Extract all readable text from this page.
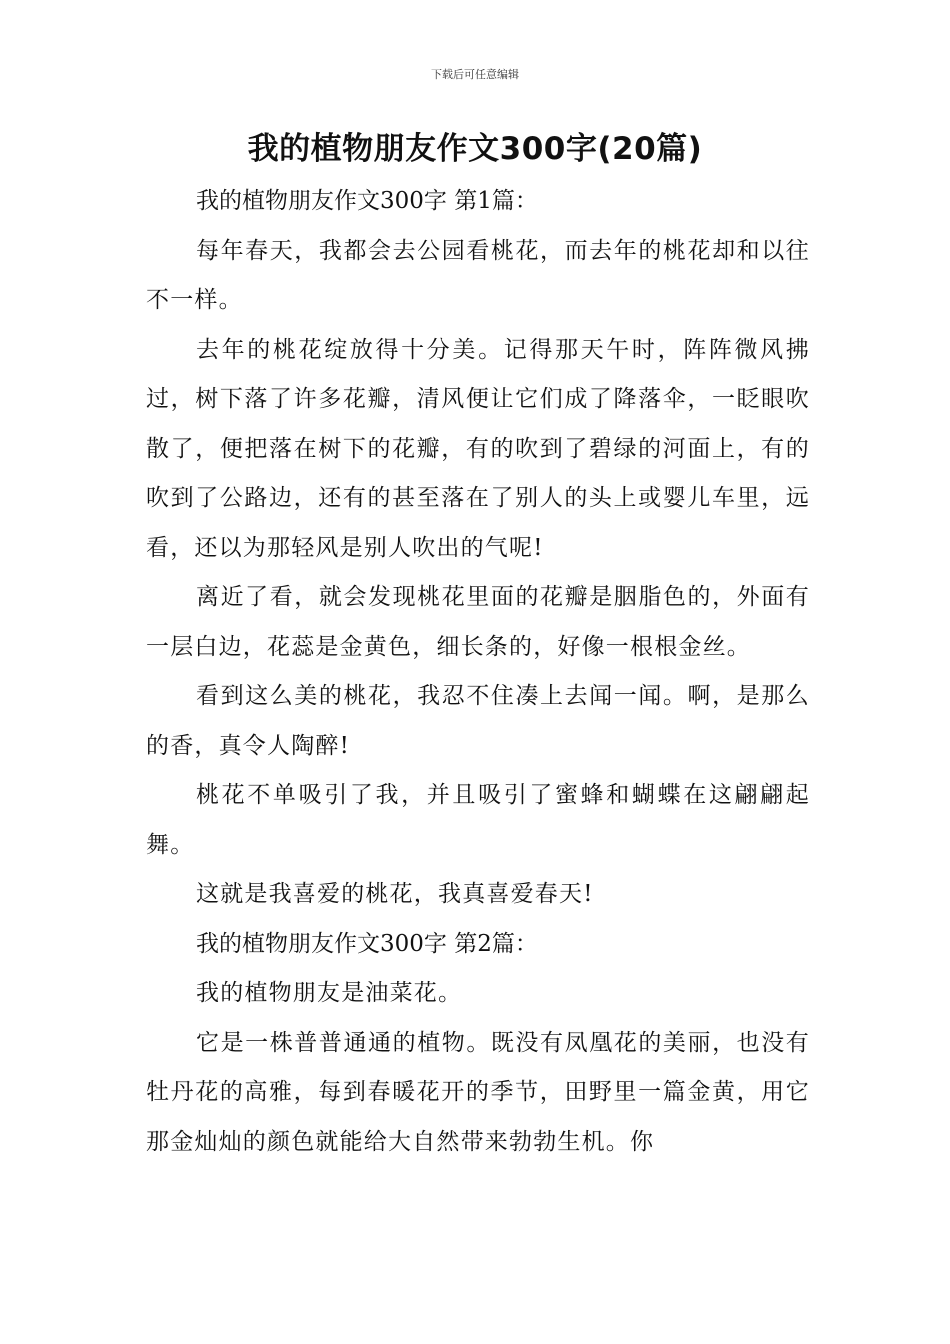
下载后可任意编辑
我的植物朋友作文300字(20篇)

我的植物朋友作文300字 第1篇：

每年春天，我都会去公园看桃花，而去年的桃花却和以往不一样。

去年的桃花绽放得十分美。记得那天午时，阵阵微风拂过，树下落了许多花瓣，清风便让它们成了降落伞，一眨眼吹散了，便把落在树下的花瓣，有的吹到了碧绿的河面上，有的吹到了公路边，还有的甚至落在了别人的头上或婴儿车里，远看，还以为那轻风是别人吹出的气呢!

离近了看，就会发现桃花里面的花瓣是胭脂色的，外面有一层白边，花蕊是金黄色，细长条的，好像一根根金丝。

看到这么美的桃花，我忍不住凑上去闻一闻。啊，是那么的香，真令人陶醉!

桃花不单吸引了我，并且吸引了蜜蜂和蝴蝶在这翩翩起舞。

这就是我喜爱的桃花，我真喜爱春天!

我的植物朋友作文300字 第2篇：

我的植物朋友是油菜花。

它是一株普普通通的植物。既没有凤凰花的美丽，也没有牡丹花的高雅，每到春暖花开的季节，田野里一篇金黄，用它那金灿灿的颜色就能给大自然带来勃勃生机。你
